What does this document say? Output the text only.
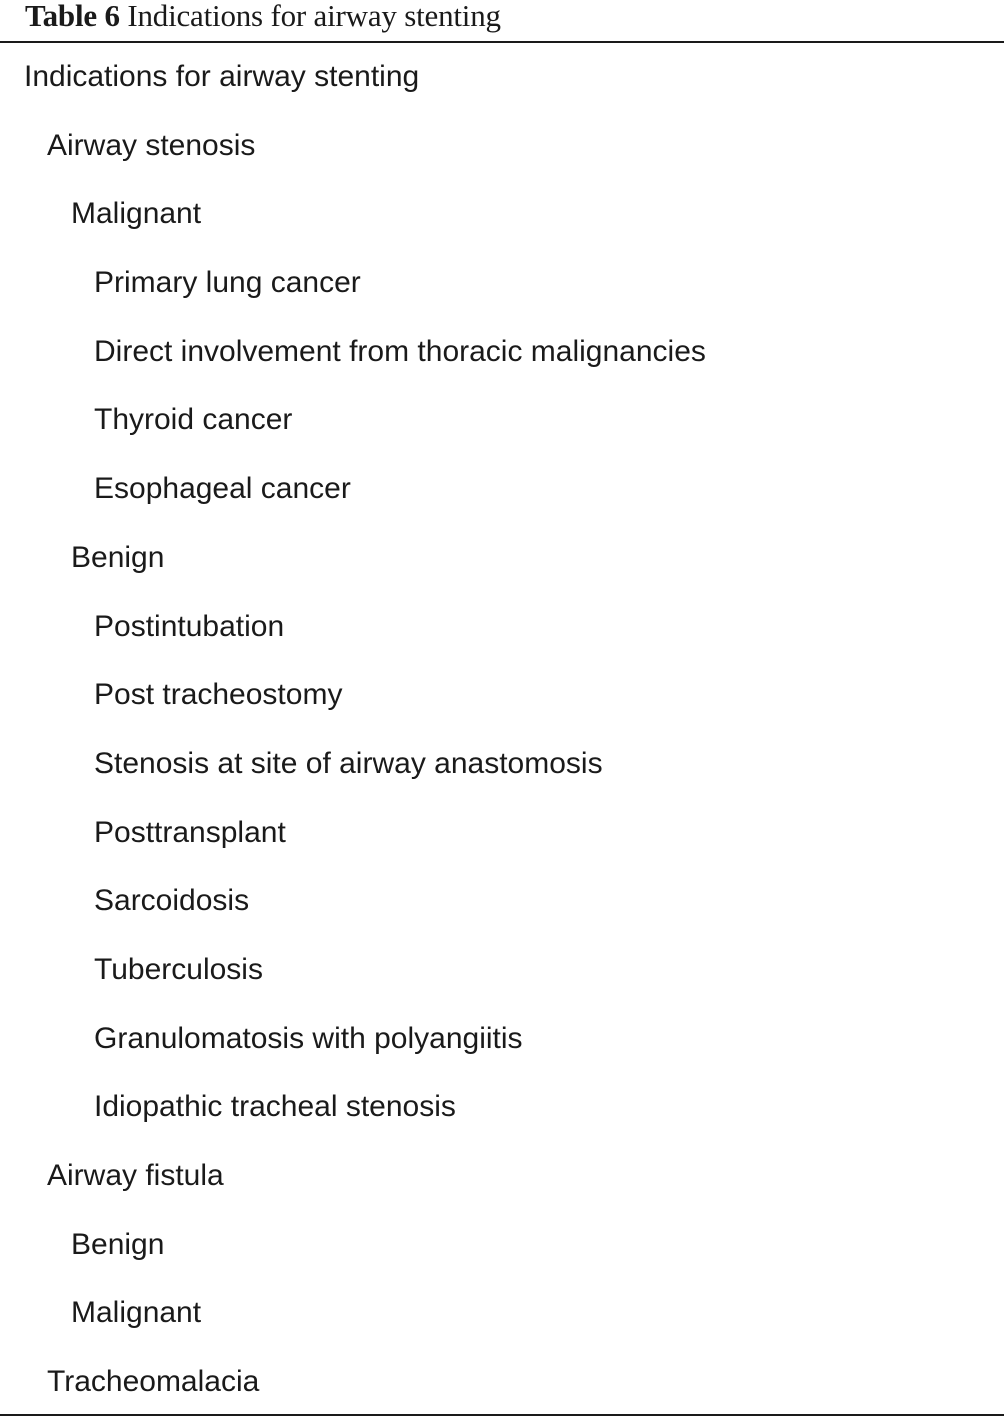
Table 6 Indications for airway stenting
Indications for airway stenting
Airway stenosis
Malignant
Primary lung cancer
Direct involvement from thoracic malignancies
Thyroid cancer
Esophageal cancer
Benign
Postintubation
Post tracheostomy
Stenosis at site of airway anastomosis
Posttransplant
Sarcoidosis
Tuberculosis
Granulomatosis with polyangiitis
Idiopathic tracheal stenosis
Airway fistula
Benign
Malignant
Tracheomalacia
